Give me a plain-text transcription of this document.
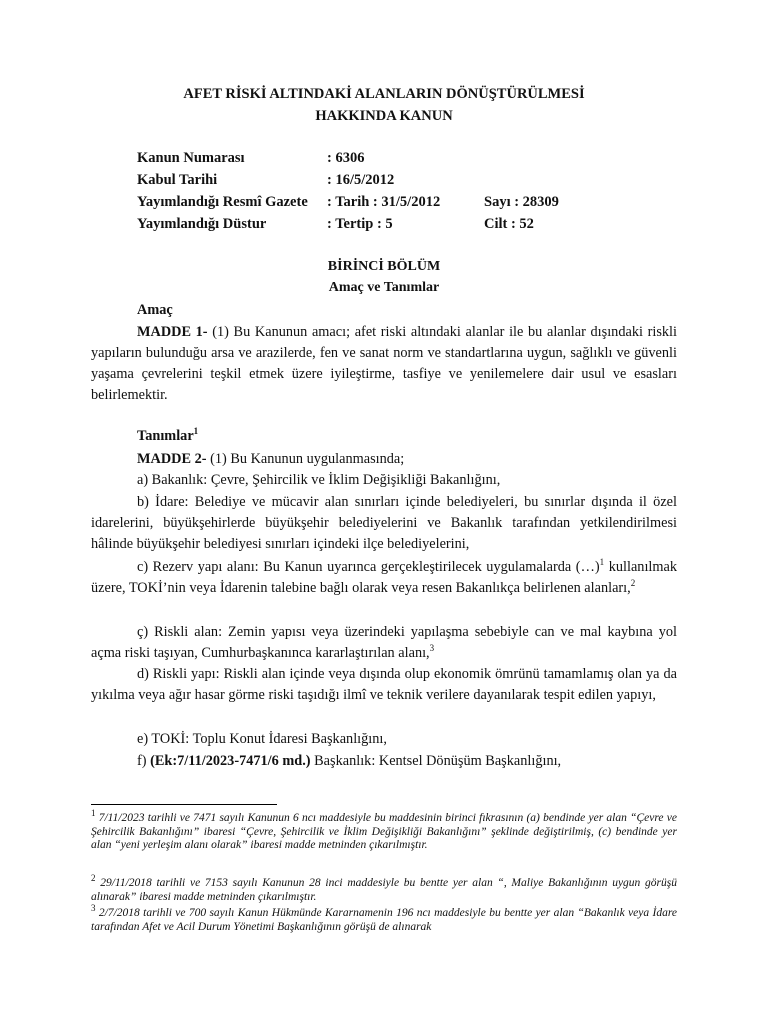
AFET RİSKİ ALTINDAKİ ALANLARIN DÖNÜŞTÜRÜLMESİ
HAKKINDA KANUN
Kanun Numarası	: 6306
Kabul Tarihi	: 16/5/2012
Yayımlandığı Resmî Gazete : Tarih : 31/5/2012	Sayı : 28309
Yayımlandığı Düstur	: Tertip : 5	Cilt : 52
BİRİNCİ BÖLÜM
Amaç ve Tanımlar
Amaç
MADDE 1- (1) Bu Kanunun amacı; afet riski altındaki alanlar ile bu alanlar dışındaki riskli yapıların bulunduğu arsa ve arazilerde, fen ve sanat norm ve standartlarına uygun, sağlıklı ve güvenli yaşama çevrelerini teşkil etmek üzere iyileştirme, tasfiye ve yenilemelere dair usul ve esasları belirlemektir.
Tanımlar$^1$
MADDE 2- (1) Bu Kanunun uygulanmasında;
a) Bakanlık: Çevre, Şehircilik ve İklim Değişikliği Bakanlığını,
b) İdare: Belediye ve mücavir alan sınırları içinde belediyeleri, bu sınırlar dışında il özel idarelerini, büyükşehirlerde büyükşehir belediyelerini ve Bakanlık tarafından yetkilendirilmesi hâlinde büyükşehir belediyesi sınırları içindeki ilçe belediyelerini,
c) Rezerv yapı alanı: Bu Kanun uyarınca gerçekleştirilecek uygulamalarda (…)$^1$ kullanılmak üzere, TOKİ’nin veya İdarenin talebine bağlı olarak veya resen Bakanlıkça belirlenen alanları,$^2$
ç) Riskli alan: Zemin yapısı veya üzerindeki yapılaşma sebebiyle can ve mal kaybına yol açma riski taşıyan, Cumhurbaşkanınca kararlaştırılan alanı,$^3$
d) Riskli yapı: Riskli alan içinde veya dışında olup ekonomik ömrünü tamamlamış olan ya da yıkılma veya ağır hasar görme riski taşıdığı ilmî ve teknik verilere dayanılarak tespit edilen yapıyı,
e) TOKİ: Toplu Konut İdaresi Başkanlığını,
f) (Ek:7/11/2023-7471/6 md.) Başkanlık: Kentsel Dönüşüm Başkanlığını,
$^1$ 7/11/2023 tarihli ve 7471 sayılı Kanunun 6 ncı maddesiyle bu maddesinin birinci fıkrasının (a) bendinde yer alan “Çevre ve Şehircilik Bakanlığını” ibaresi “Çevre, Şehircilik ve İklim Değişikliği Bakanlığını” şeklinde değiştirilmiş, (c) bendinde yer alan “yeni yerleşim alanı olarak” ibaresi madde metninden çıkarılmıştır.
$^2$ 29/11/2018 tarihli ve 7153 sayılı Kanunun 28 inci maddesiyle bu bentte yer alan “, Maliye Bakanlığının uygun görüşü alınarak” ibaresi madde metninden çıkarılmıştır.
$^3$ 2/7/2018 tarihli ve 700 sayılı Kanun Hükmünde Kararnamenin 196 ncı maddesiyle bu bentte yer alan “Bakanlık veya İdare tarafından Afet ve Acil Durum Yönetimi Başkanlığının görüşü de alınarak
